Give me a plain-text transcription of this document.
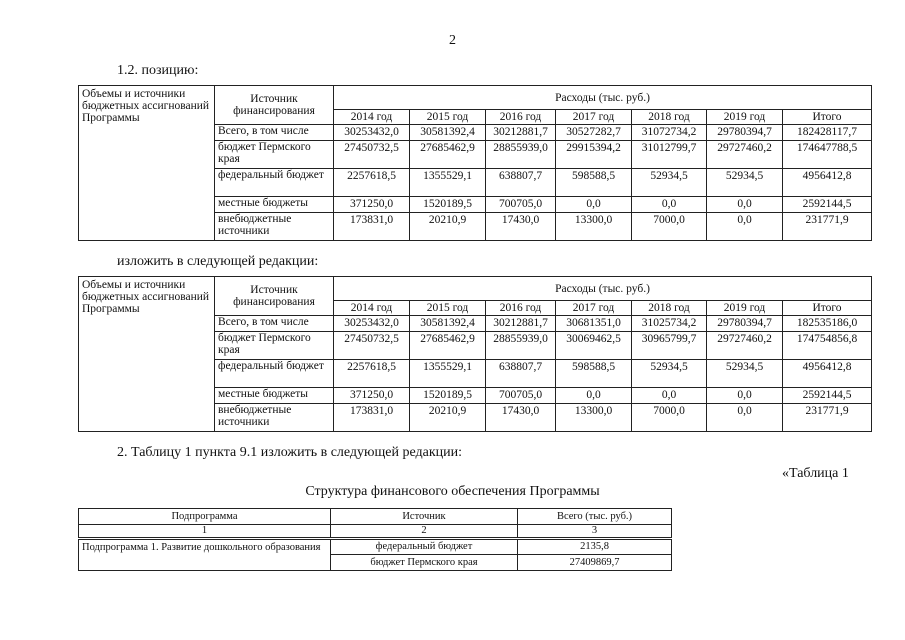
2
1.2. позицию:
Объемы и источники бюджетных ассигнований Программы	Источник финансирования	Расходы (тыс. руб.)						
		2014 год	2015 год	2016 год	2017 год	2018 год	2019 год	Итого
	Всего, в том числе	30253432,0	30581392,4	30212881,7	30527282,7	31072734,2	29780394,7	182428117,7
	бюджет Пермского края	27450732,5	27685462,9	28855939,0	29915394,2	31012799,7	29727460,2	174647788,5
	федеральный бюджет	2257618,5	1355529,1	638807,7	598588,5	52934,5	52934,5	4956412,8
	местные бюджеты	371250,0	1520189,5	700705,0	0,0	0,0	0,0	2592144,5
	внебюджетные источники	173831,0	20210,9	17430,0	13300,0	7000,0	0,0	231771,9
изложить в следующей редакции:
Объемы и источники бюджетных ассигнований Программы	Источник финансирования	Расходы (тыс. руб.)						
		2014 год	2015 год	2016 год	2017 год	2018 год	2019 год	Итого
	Всего, в том числе	30253432,0	30581392,4	30212881,7	30681351,0	31025734,2	29780394,7	182535186,0
	бюджет Пермского края	27450732,5	27685462,9	28855939,0	30069462,5	30965799,7	29727460,2	174754856,8
	федеральный бюджет	2257618,5	1355529,1	638807,7	598588,5	52934,5	52934,5	4956412,8
	местные бюджеты	371250,0	1520189,5	700705,0	0,0	0,0	0,0	2592144,5
	внебюджетные источники	173831,0	20210,9	17430,0	13300,0	7000,0	0,0	231771,9
2. Таблицу 1 пункта 9.1 изложить в следующей редакции:
«Таблица 1
Структура финансового обеспечения Программы
Подпрограмма	Источник	Всего (тыс. руб.)
1	2	3
Подпрограмма 1. Развитие дошкольного образования	федеральный бюджет	2135,8
	бюджет Пермского края	27409869,7
